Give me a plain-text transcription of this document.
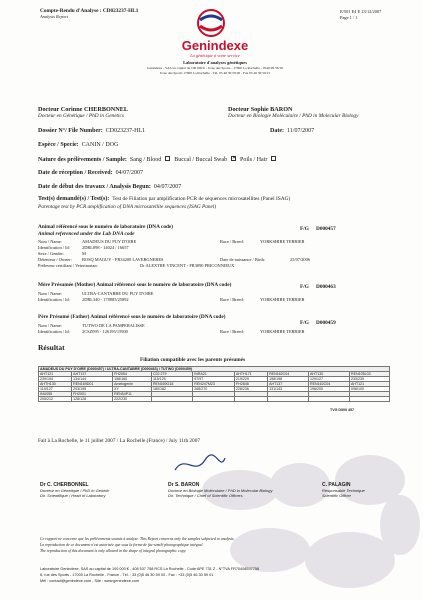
Compte-Rendu d'Analyse : CD023237-HL1
Analysis Report
E/501 E4 E 23/12/2007
Page 1 / 1
Genindexe
La génétique à votre service
Laboratoire d'analyses génétiques
Genindexe - SAS au capital de 100 000 € - 6 rue des Sports - 17000 La Rochelle - 0546 99 56 56
6 rue des Sports 17000 La Rochelle - Tél. 05 46 30 59 00 - Fax 05 46 30 59 01
Docteur Corinne CHERBONNEL
Docteur en Génétique / PhD in Genetics
Docteur Sophie BARON
Docteur en Biologie Moléculaire / PhD in Molecular Biology
Dossier N°/ File Number: CD023237-HL1	Date: 11/07/2007
Espèce / Specie: CANIN / DOG
Nature des prélèvements / Sample: Sang / Blood Buccal / Buccal Swab ✕ Poils / Hair
Date de réception / Received: 04/07/2007
Date de début des travaux / Analysis Begun: 04/07/2007
Test(s) demandé(s) / Test(s): Test de Filiation par amplification PCR de séquences microsatellites (Panel ISAG)
Parentage test by PCR amplification of DNA microsatellite sequences (ISAG Panel)
Animal référencé sous le numéro de laboratoire (DNA code)
Animal referenced under the Lab DNA code
F/G D000457
Nom / Name:	AMADEUS DU PUY D'OIRE
Identification / Id:	2DRL098 - 14024 / 16657
Sexe / Gender:	M
Détenteur / Owner: BOSQ MAGUY - FR34200 LAVERGNERES
Race / Breed:	YORKSHIRE TERRIER
Date de naissance / Birth:	25/07/2006
Préleveur certifiant / Veterinarian:	Dr ALEXTRE VINCENT - FR3090 PRICONNIEUX
Mère Présumée (Mother) Animal référencé sous le numéro de laboratoire (DNA code)	F/G D000463
Nom / Name:	ULTRA-CANTABRE DU PUY D'OIRE
Identification / Id:	2DRL340 - 178885/25892	Race / Breed:	YORKSHIRE TERRIER
Père Présumé (Father) Animal référencé sous le numéro de laboratoire (DNA code)
F/G D000459
Nom / Name:	TUTWO DE LA PAMPERALISSE
Identification / Id:	2CSZ095 - 126195/15900	Race / Breed:	YORKSHIRE TERRIER
Résultat
Filiation compatible avec les parents présumés
AMADEUS DU PUY D'OIRE (D000457) / ULTRA-CANTABRE (D000463) / TUTWO (D000459)								
AHT121	AHT137	FH2054	C22.279	INRA21	AHTH171	REN162C04	AHT130	REN105L03
239/194	134/144	158/160	115/125	97/97	219/229	198/198	129/127	233/239
AHTH130	REN169D01	Amelogenin	REN169O18	REN247M23	FH2848	AHT137	REN162C04	AHT121
119/127	203/195	XY	180/182	268/270	228/236	131/143	196/200	098/100
INU055	FH2001	REN54P11						
205/212	128/128	222/230						
TVG D000 457
Fait à La Rochelle, le 11 juillet 2007 / La Rochelle (France) / July 11th 2007
Dr C. CHERBONNEL
Docteur en Génétique / PhD in Genetic
Dir. Scientifique / Head of Laboratory
Dr S. BARON
Docteur en Biologie Moléculaire / PhD in Molecular Biology
Dir. Technique / Chief of Scientific Officers
C. PALAGIN
Responsable Technique
Scientific Officer
Ce rapport ne concerne que les prélèvements soumis à analyse. This Report concerns only the samples subjected to analysis.
La reproduction de ce document n'est autorisée que sous la forme de fac-similé photographique intégral.
The reproduction of this document is only allowed in the shape of integral photographic copy.
Laboratoire Genindexe, SAS au capital de 100 000 € - 408 537 758 RCS La Rochelle - Code APE 731 Z - N°TVA FR70408537758
6, rue des Sports - 17000 La Rochelle - France - Tél. : 33 (0)5 46 30 59 00 - Fax : +33 (0)5 46 30 59 01
Mél : contact@genindexe.com - Site : www.genindexe.com
